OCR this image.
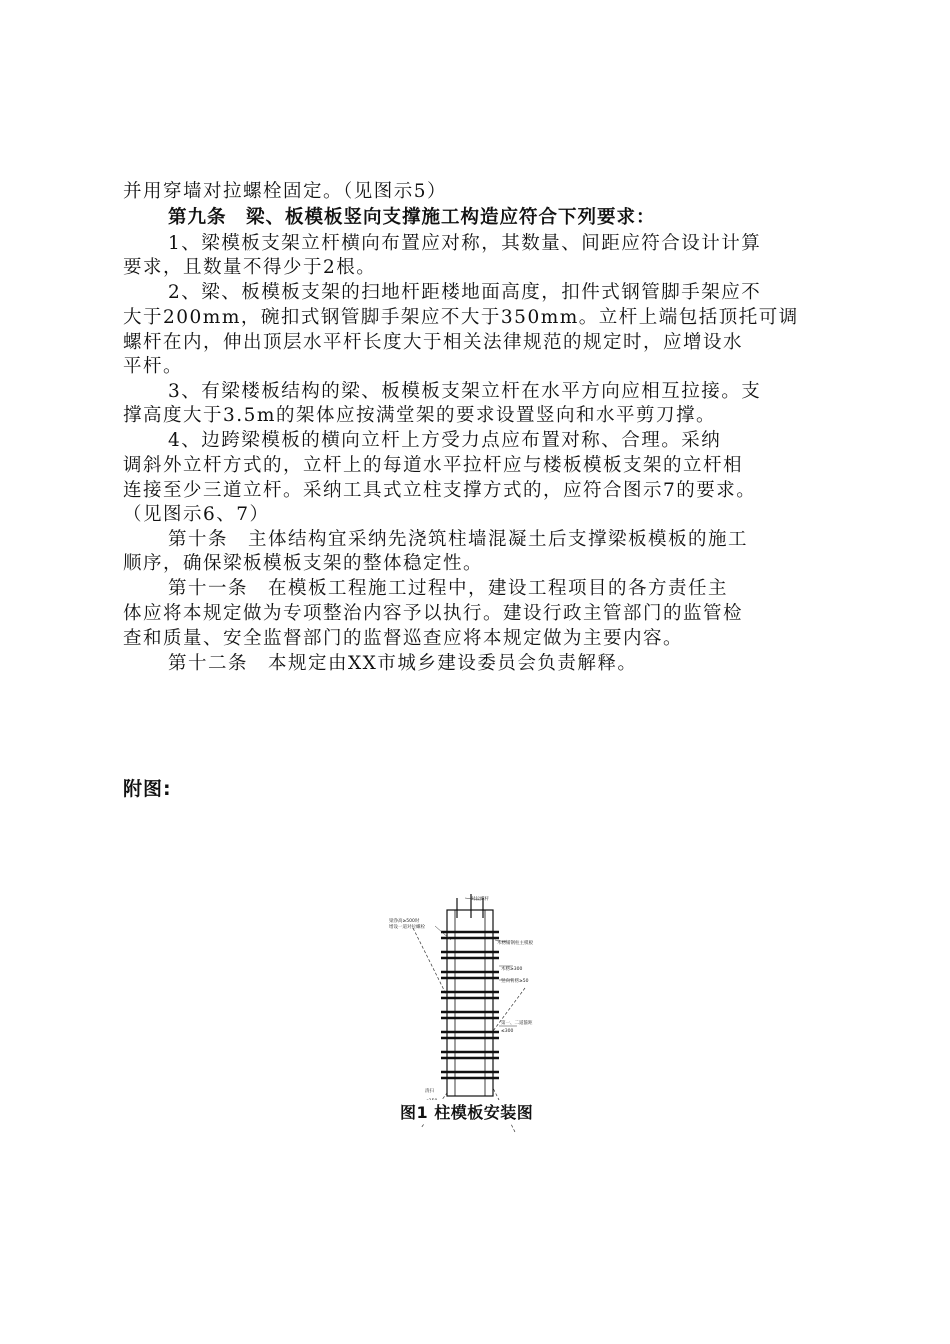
并用穿墙对拉螺栓固定。（见图示5）
第九条　梁、板模板竖向支撑施工构造应符合下列要求：
1、梁模板支架立杆横向布置应对称，其数量、间距应符合设计计算
要求，且数量不得少于2根。
2、梁、板模板支架的扫地杆距楼地面高度，扣件式钢管脚手架应不
大于200mm，碗扣式钢管脚手架应不大于350mm。立杆上端包括顶托可调
螺杆在内，伸出顶层水平杆长度大于相关法律规范的规定时，应增设水
平杆。
3、有梁楼板结构的梁、板模板支架立杆在水平方向应相互拉接。支
撑高度大于3.5m的架体应按满堂架的要求设置竖向和水平剪刀撑。
4、边跨梁模板的横向立杆上方受力点应布置对称、合理。采纳
调斜外立杆方式的，立杆上的每道水平拉杆应与楼板模板支架的立杆相
连接至少三道立杆。采纳工具式立柱支撑方式的，应符合图示7的要求。
（见图示6、7）
第十条　主体结构宜采纳先浇筑柱墙混凝土后支撑梁板模板的施工
顺序，确保梁板模板支架的整体稳定性。
第十一条　在模板工程施工过程中，建设工程项目的各方责任主
体应将本规定做为专项整治内容予以执行。建设行政主管部门的监管检
查和质量、安全监督部门的监督巡查应将本规定做为主要内容。
第十二条　本规定由XX市城乡建设委员会负责解释。
附图:
对拉螺杆
梁净高≥500时
增设一道对拉螺栓
木楞铺钢柱主模板
木楞≥300
竖向背楞≥50
第一、二道箍距
≤300
清扫
图1 柱模板安装图
